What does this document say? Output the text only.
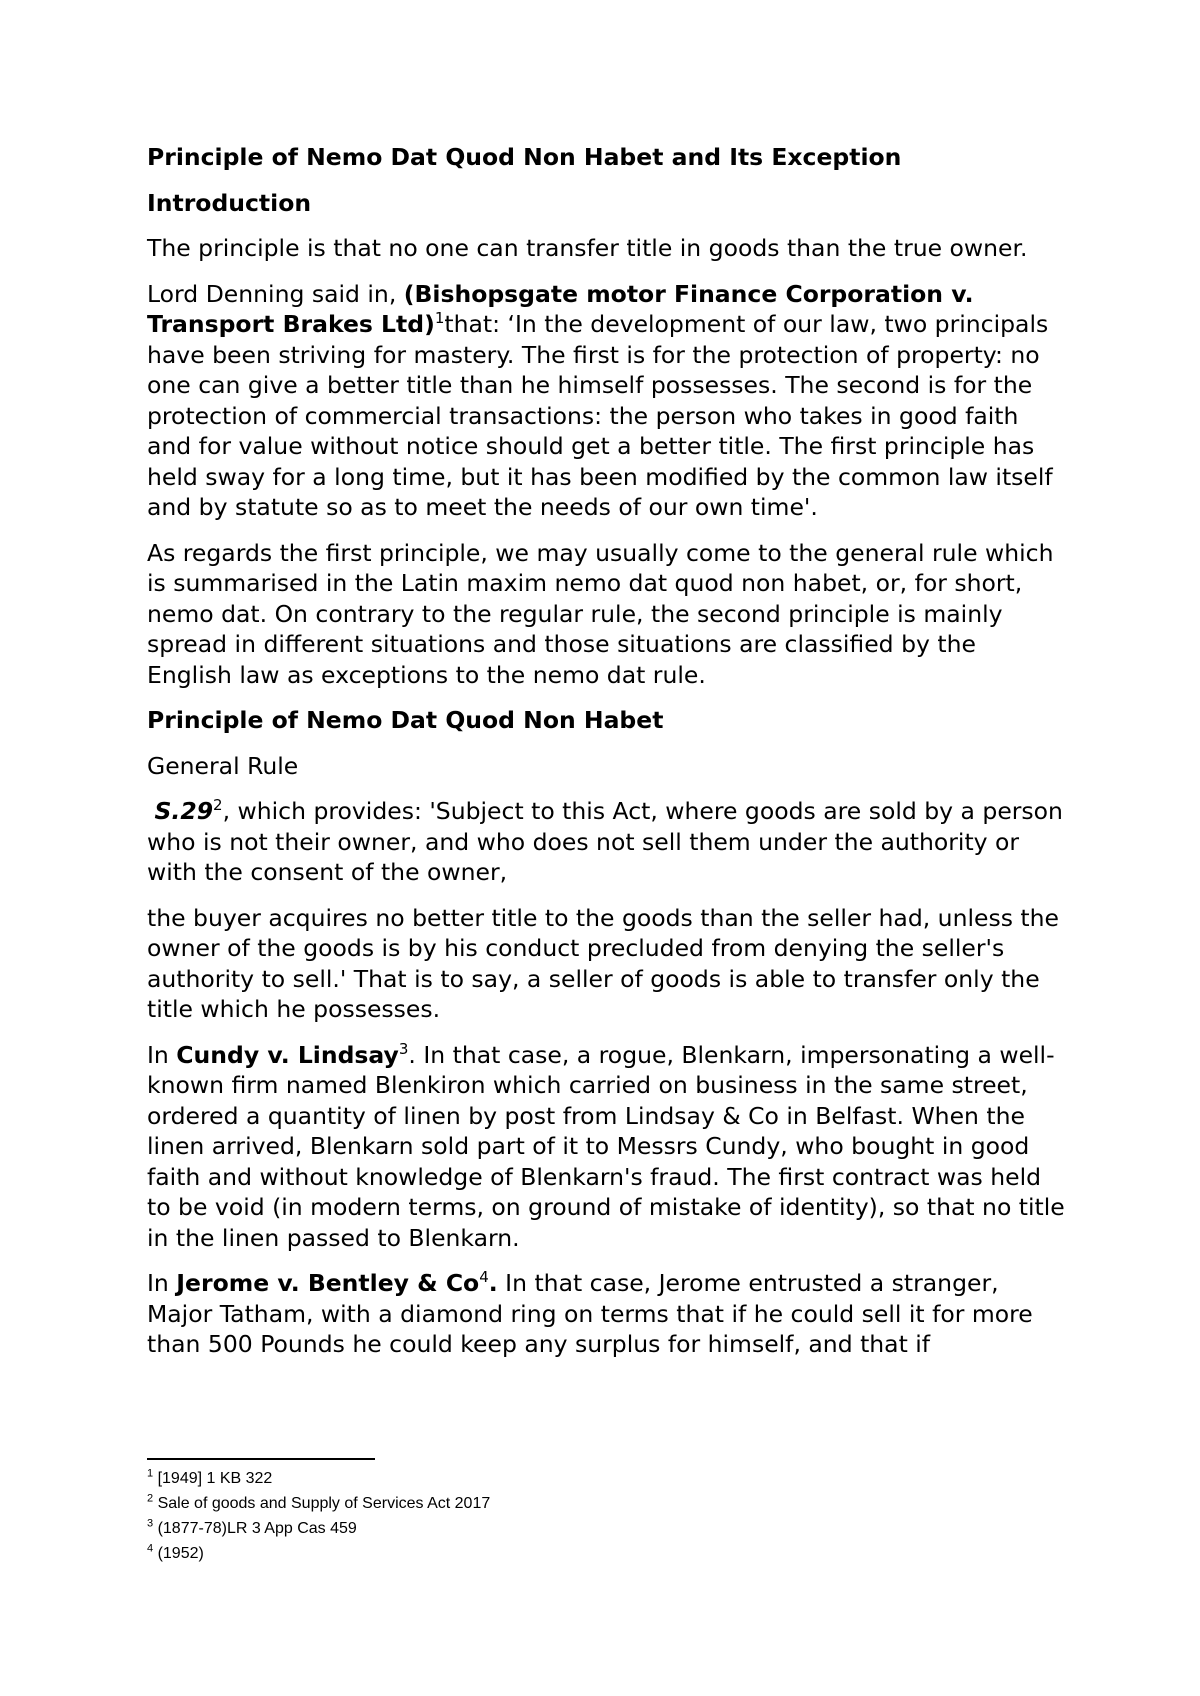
Principle of Nemo Dat Quod Non Habet and Its Exception
Introduction

The principle is that no one can transfer title in goods than the true owner.

Lord Denning said in, (Bishopsgate motor Finance Corporation v. Transport Brakes Ltd)$^1$that: ‘In the development of our law, two principals have been striving for mastery. The first is for the protection of property: no one can give a better title than he himself possesses. The second is for the protection of commercial transactions: the person who takes in good faith and for value without notice should get a better title. The first principle has held sway for a long time, but it has been modified by the common law itself and by statute so as to meet the needs of our own time'.

As regards the first principle, we may usually come to the general rule which is summarised in the Latin maxim nemo dat quod non habet, or, for short, nemo dat. On contrary to the regular rule, the second principle is mainly spread in different situations and those situations are classified by the English law as exceptions to the nemo dat rule.

Principle of Nemo Dat Quod Non Habet
General Rule

$S.29^2$, which provides: 'Subject to this Act, where goods are sold by a person who is not their owner, and who does not sell them under the authority or with the consent of the owner,

the buyer acquires no better title to the goods than the seller had, unless the owner of the goods is by his conduct precluded from denying the seller's authority to sell.' That is to say, a seller of goods is able to transfer only the title which he possesses.

In Cundy v. Lindsay$^3$. In that case, a rogue, Blenkarn, impersonating a well-known firm named Blenkiron which carried on business in the same street, ordered a quantity of linen by post from Lindsay & Co in Belfast. When the linen arrived, Blenkarn sold part of it to Messrs Cundy, who bought in good faith and without knowledge of Blenkarn's fraud. The first contract was held to be void (in modern terms, on ground of mistake of identity), so that no title in the linen passed to Blenkarn.

In Jerome v. Bentley & Co$^4$. In that case, Jerome entrusted a stranger, Major Tatham, with a diamond ring on terms that if he could sell it for more than 500 Pounds he could keep any surplus for himself, and that if

$^1$ [1949] 1 KB 322
$^2$ Sale of goods and Supply of Services Act 2017
$^3$ (1877-78)LR 3 App Cas 459
$^4$ (1952)
